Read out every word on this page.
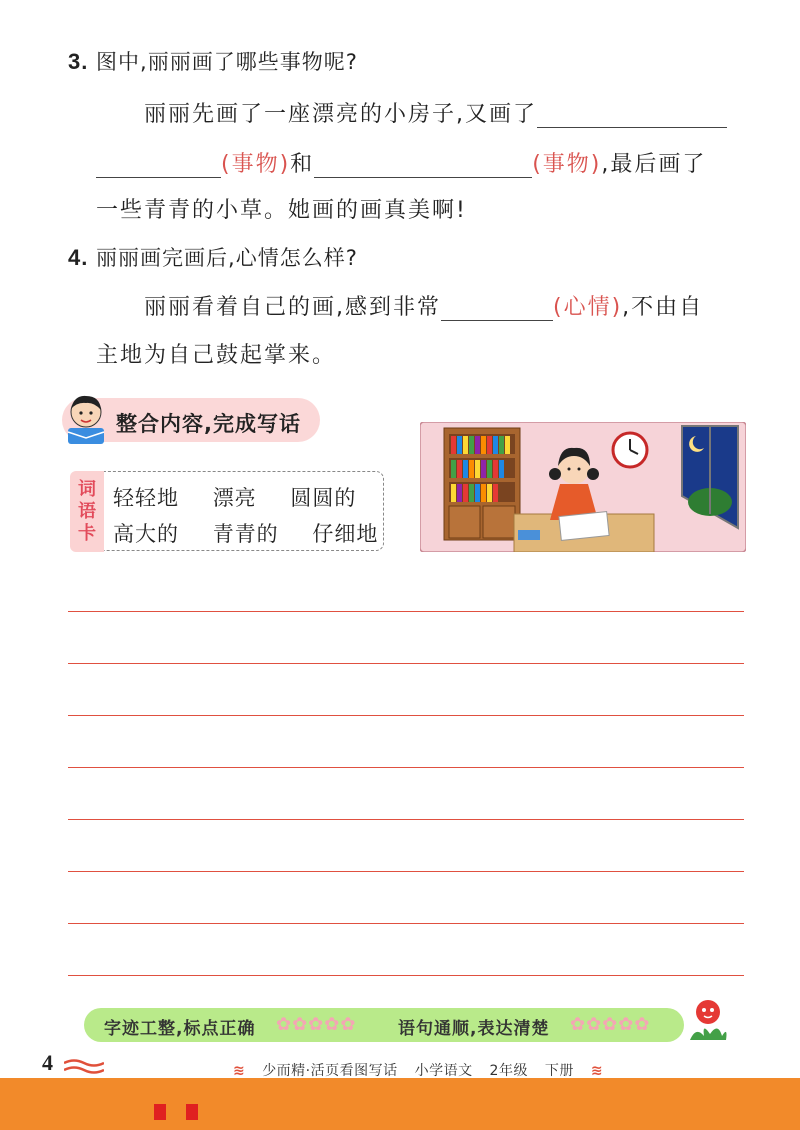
3. 图中,丽丽画了哪些事物呢?
丽丽先画了一座漂亮的小房子,又画了
(事物)和	(事物),最后画了
一些青青的小草。她画的画真美啊!
4. 丽丽画完画后,心情怎么样?
丽丽看着自己的画,感到非常	(心情),不由自
主地为自己鼓起掌来。
整合内容,完成写话
词
语
卡
轻轻地 漂亮 圆圆的
高大的 青青的 仔细地
字迹工整,标点正确 ✿✿✿✿✿ 语句通顺,表达清楚 ✿✿✿✿✿
4	≋ 少而精·活页看图写话 小学语文 2年级 下册 ≋
